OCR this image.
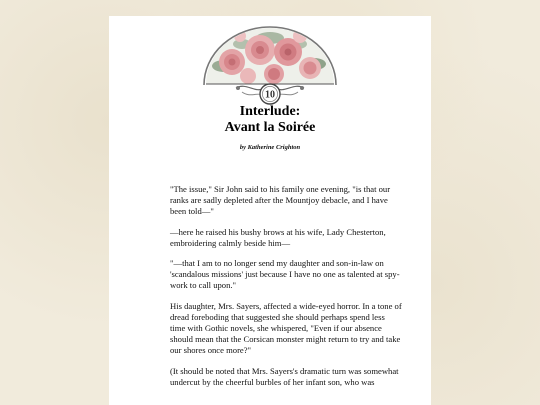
10
Interlude:
Avant la Soirée
by Katherine Crighton

"The issue," Sir John said to his family one evening, "is that our ranks are sadly depleted after the Mountjoy debacle, and I have been told—"

—here he raised his bushy brows at his wife, Lady Chesterton, embroidering calmly beside him—

"—that I am to no longer send my daughter and son-in-law on 'scandalous missions' just because I have no one as talented at spy-work to call upon."

His daughter, Mrs. Sayers, affected a wide-eyed horror. In a tone of dread foreboding that suggested she should perhaps spend less time with Gothic novels, she whispered, "Even if our absence should mean that the Corsican monster might return to try and take our shores once more?"

(It should be noted that Mrs. Sayers's dramatic turn was somewhat undercut by the cheerful burbles of her infant son, who was
